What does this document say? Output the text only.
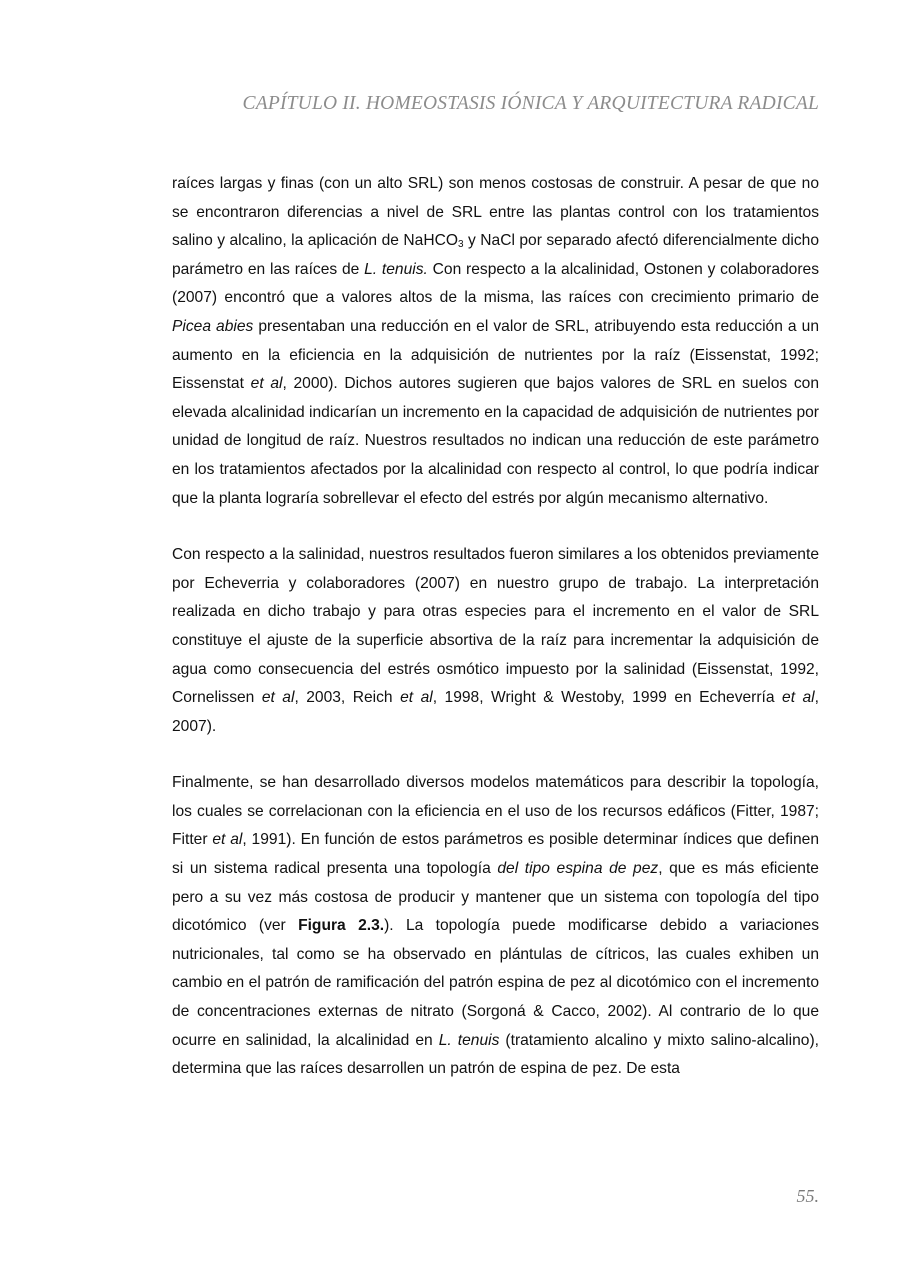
CAPÍTULO II. HOMEOSTASIS IÓNICA Y ARQUITECTURA RADICAL

raíces largas y finas (con un alto SRL) son menos costosas de construir. A pesar de que no se encontraron diferencias a nivel de SRL entre las plantas control con los tratamientos salino y alcalino, la aplicación de NaHCO$_3$ y NaCl por separado afectó diferencialmente dicho parámetro en las raíces de L. tenuis. Con respecto a la alcalinidad, Ostonen y colaboradores (2007) encontró que a valores altos de la misma, las raíces con crecimiento primario de Picea abies presentaban una reducción en el valor de SRL, atribuyendo esta reducción a un aumento en la eficiencia en la adquisición de nutrientes por la raíz (Eissenstat, 1992; Eissenstat et al, 2000). Dichos autores sugieren que bajos valores de SRL en suelos con elevada alcalinidad indicarían un incremento en la capacidad de adquisición de nutrientes por unidad de longitud de raíz. Nuestros resultados no indican una reducción de este parámetro en los tratamientos afectados por la alcalinidad con respecto al control, lo que podría indicar que la planta lograría sobrellevar el efecto del estrés por algún mecanismo alternativo.

Con respecto a la salinidad, nuestros resultados fueron similares a los obtenidos previamente por Echeverria y colaboradores (2007) en nuestro grupo de trabajo. La interpretación realizada en dicho trabajo y para otras especies para el incremento en el valor de SRL constituye el ajuste de la superficie absortiva de la raíz para incrementar la adquisición de agua como consecuencia del estrés osmótico impuesto por la salinidad (Eissenstat, 1992, Cornelissen et al, 2003, Reich et al, 1998, Wright & Westoby, 1999 en Echeverría et al, 2007).

Finalmente, se han desarrollado diversos modelos matemáticos para describir la topología, los cuales se correlacionan con la eficiencia en el uso de los recursos edáficos (Fitter, 1987; Fitter et al, 1991). En función de estos parámetros es posible determinar índices que definen si un sistema radical presenta una topología del tipo espina de pez, que es más eficiente pero a su vez más costosa de producir y mantener que un sistema con topología del tipo dicotómico (ver Figura 2.3.). La topología puede modificarse debido a variaciones nutricionales, tal como se ha observado en plántulas de cítricos, las cuales exhiben un cambio en el patrón de ramificación del patrón espina de pez al dicotómico con el incremento de concentraciones externas de nitrato (Sorgoná & Cacco, 2002). Al contrario de lo que ocurre en salinidad, la alcalinidad en L. tenuis (tratamiento alcalino y mixto salino-alcalino), determina que las raíces desarrollen un patrón de espina de pez. De esta

55.
